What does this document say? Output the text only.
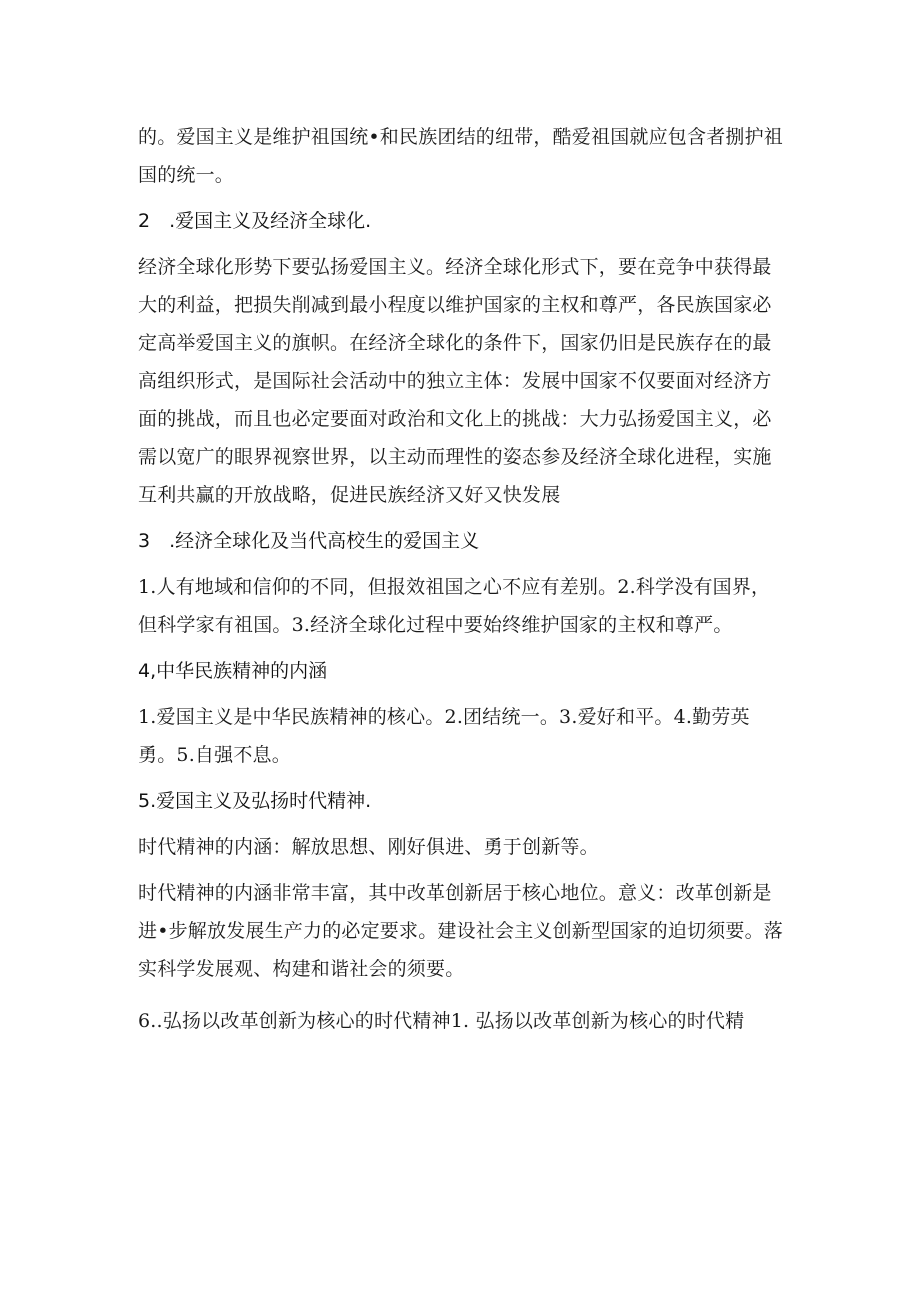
的。爱国主义是维护祖国统•和民族团结的纽带，酷爱祖国就应包含者捌护祖国的统一。

2　.爱国主义及经济全球化.

经济全球化形势下要弘扬爱国主义。经济全球化形式下，要在竞争中获得最大的利益，把损失削减到最小程度以维护国家的主权和尊严，各民族国家必定高举爱国主义的旗帜。在经济全球化的条件下，国家仍旧是民族存在的最高组织形式，是国际社会活动中的独立主体：发展中国家不仅要面对经济方面的挑战，而且也必定要面对政治和文化上的挑战：大力弘扬爱国主义，必需以宽广的眼界视察世界，以主动而理性的姿态参及经济全球化进程，实施互利共赢的开放战略，促进民族经济又好又快发展

3　.经济全球化及当代高校生的爱国主义

1.人有地域和信仰的不同，但报效祖国之心不应有差别。2.科学没有国界，但科学家有祖国。3.经济全球化过程中要始终维护国家的主权和尊严。

4,中华民族精神的内涵

1.爱国主义是中华民族精神的核心。2.团结统一。3.爱好和平。4.勤劳英勇。5.自强不息。

5.爱国主义及弘扬时代精神.

时代精神的内涵：解放思想、刚好俱进、勇于创新等。

时代精神的内涵非常丰富，其中改革创新居于核心地位。意义：改革创新是进•步解放发展生产力的必定要求。建设社会主义创新型国家的迫切须要。落实科学发展观、构建和谐社会的须要。

6..弘扬以改革创新为核心的时代精神1. 弘扬以改革创新为核心的时代精
